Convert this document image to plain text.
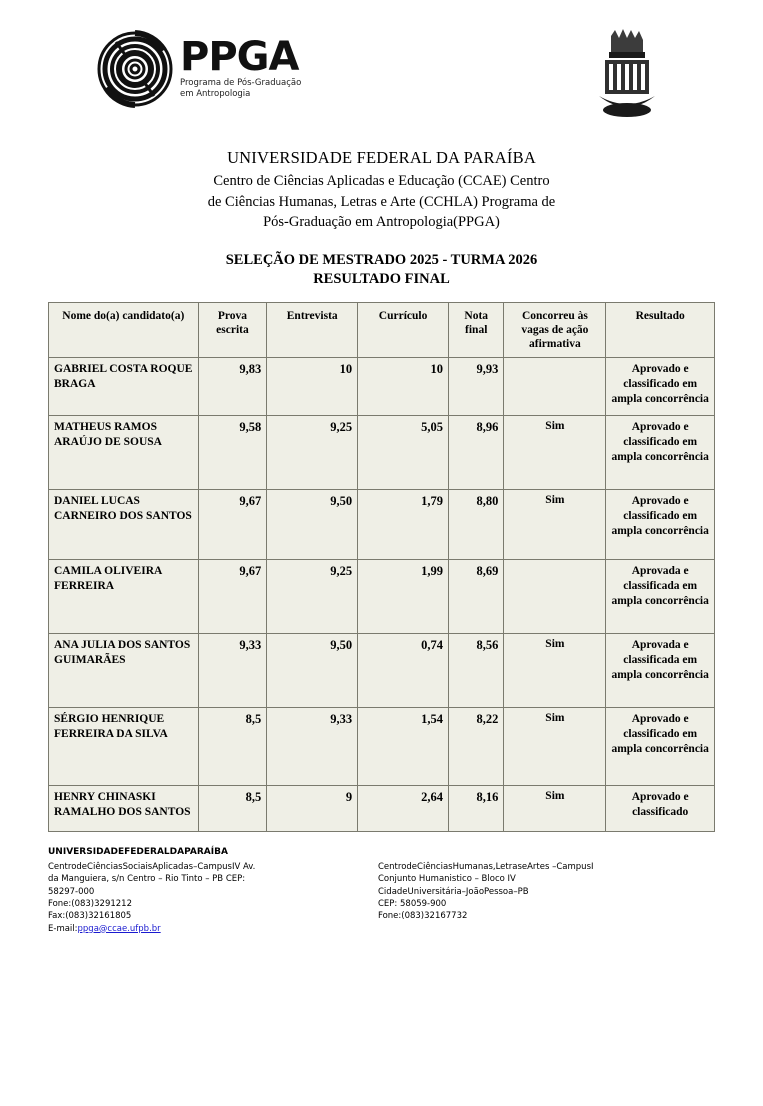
PPGA
Programa de Pós-Graduação
em Antropologia
UNIVERSIDADE FEDERAL DA PARAÍBA
Centro de Ciências Aplicadas e Educação (CCAE) Centro
de Ciências Humanas, Letras e Arte (CCHLA) Programa de
Pós-Graduação em Antropologia(PPGA)
SELEÇÃO DE MESTRADO 2025 - TURMA 2026
RESULTADO FINAL
Nome do(a) candidato(a)	Prova escrita	Entrevista	Currículo	Nota final	Concorreu às vagas de ação afirmativa	Resultado
GABRIEL COSTA ROQUE BRAGA	9,83	10	10	9,93		Aprovado e classificado em ampla concorrência
MATHEUS RAMOS ARAÚJO DE SOUSA	9,58	9,25	5,05	8,96	Sim	Aprovado e classificado em ampla concorrência
DANIEL LUCAS CARNEIRO DOS SANTOS	9,67	9,50	1,79	8,80	Sim	Aprovado e classificado em ampla concorrência
CAMILA OLIVEIRA FERREIRA	9,67	9,25	1,99	8,69		Aprovada e classificada em ampla concorrência
ANA JULIA DOS SANTOS GUIMARÃES	9,33	9,50	0,74	8,56	Sim	Aprovada e classificada em ampla concorrência
SÉRGIO HENRIQUE FERREIRA DA SILVA	8,5	9,33	1,54	8,22	Sim	Aprovado e classificado em ampla concorrência
HENRY CHINASKI RAMALHO DOS SANTOS	8,5	9	2,64	8,16	Sim	Aprovado e classificado
UNIVERSIDADEFEDERALDAPARAÍBA
CentrodeCiênciasSociaisAplicadas–CampusIV Av.
da Manguiera, s/n Centro – Rio Tinto – PB CEP:
58297-000
Fone:(083)3291212
Fax:(083)32161805
E-mail:ppga@ccae.ufpb.br
CentrodeCiênciasHumanas,LetraseArtes –CampusI
Conjunto Humanistico – Bloco IV
CidadeUniversitária–JoãoPessoa–PB
CEP: 58059-900
Fone:(083)32167732
